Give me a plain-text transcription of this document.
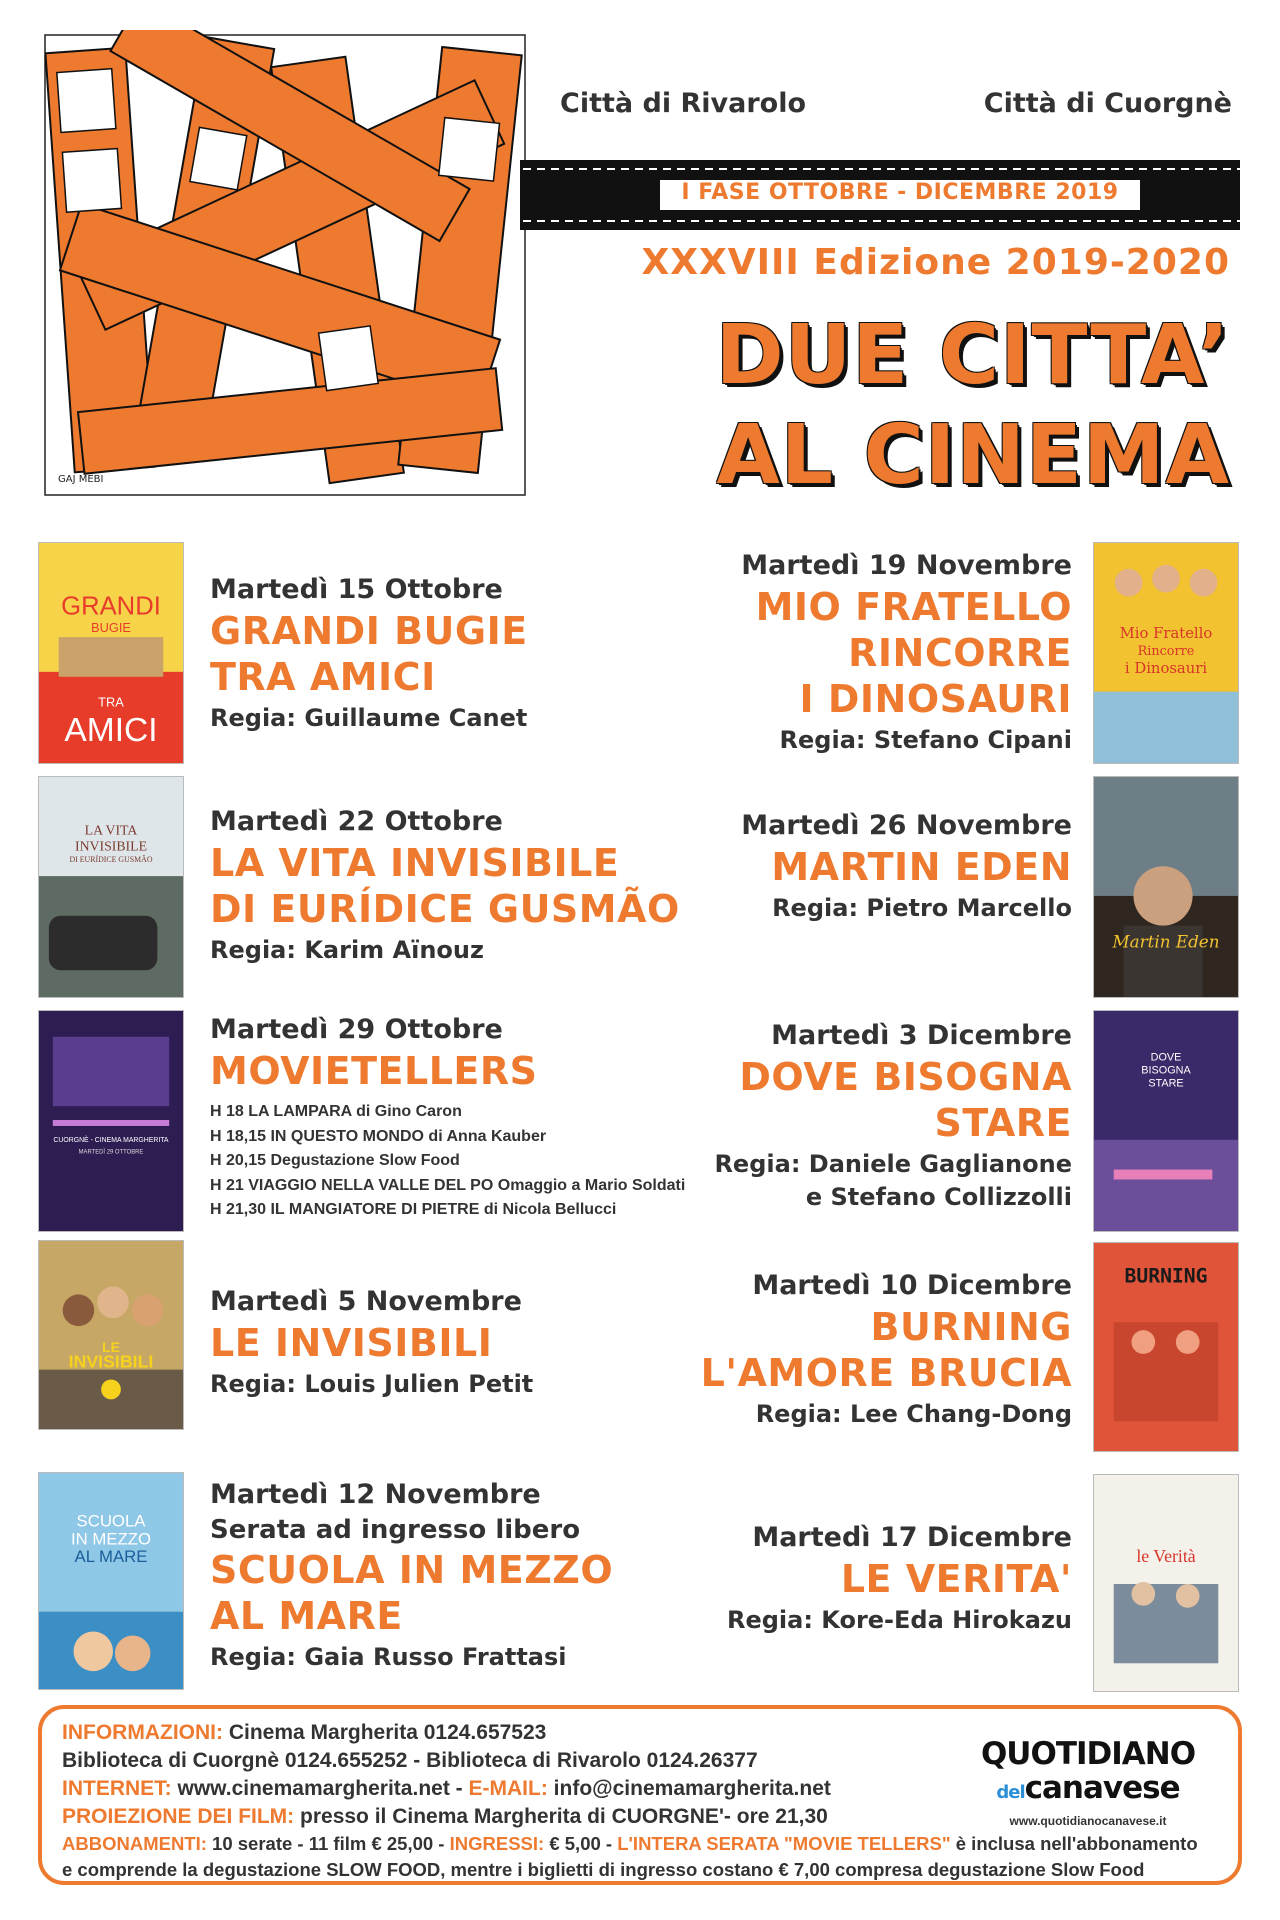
GAJ MEBI
Città di Rivarolo	Città di Cuorgnè
I FASE OTTOBRE - DICEMBRE 2019
XXXVIII Edizione 2019-2020
DUE CITTA’
AL CINEMA
GRANDI
BUGIE
TRA
AMICI
Martedì 15 Ottobre
GRANDI BUGIE
TRA AMICI
Regia: Guillaume Canet
LA VITA
INVISIBILE
DI EURÍDICE GUSMÃO
Martedì 22 Ottobre
LA VITA INVISIBILE
DI EURÍDICE GUSMÃO
Regia: Karim Aïnouz
CUORGNÈ - CINEMA MARGHERITA
MARTEDÌ 29 OTTOBRE
Martedì 29 Ottobre
MOVIETELLERS
H 18 LA LAMPARA di Gino Caron
H 18,15 IN QUESTO MONDO di Anna Kauber
H 20,15 Degustazione Slow Food
H 21 VIAGGIO NELLA VALLE DEL PO Omaggio a Mario Soldati
H 21,30 IL MANGIATORE DI PIETRE di Nicola Bellucci
LE
INVISIBILI
Martedì 5 Novembre
LE INVISIBILI
Regia: Louis Julien Petit
SCUOLA
IN MEZZO
AL MARE
Martedì 12 Novembre
Serata ad ingresso libero
SCUOLA IN MEZZO
AL MARE
Regia: Gaia Russo Frattasi
Mio Fratello
Rincorre
i Dinosauri
Martedì 19 Novembre
MIO FRATELLO
RINCORRE
I DINOSAURI
Regia: Stefano Cipani
Martin Eden
Martedì 26 Novembre
MARTIN EDEN
Regia: Pietro Marcello
DOVE
BISOGNA
STARE
Martedì 3 Dicembre
DOVE BISOGNA
STARE
Regia: Daniele Gaglianone
e Stefano Collizzolli
BURNING
Martedì 10 Dicembre
BURNING
L'AMORE BRUCIA
Regia: Lee Chang-Dong
le Verità
Martedì 17 Dicembre
LE VERITA'
Regia: Kore-Eda Hirokazu
INFORMAZIONI: Cinema Margherita 0124.657523
Biblioteca di Cuorgnè 0124.655252 - Biblioteca di Rivarolo 0124.26377
INTERNET: www.cinemamargherita.net - E-MAIL: info@cinemamargherita.net
PROIEZIONE DEI FILM: presso il Cinema Margherita di CUORGNE'- ore 21,30
ABBONAMENTI: 10 serate - 11 film € 25,00 - INGRESSI: € 5,00 - L'INTERA SERATA "MOVIE TELLERS" è inclusa nell'abbonamento
e comprende la degustazione SLOW FOOD, mentre i biglietti di ingresso costano € 7,00 compresa degustazione Slow Food
QUOTIDIANO
delcanavese
www.quotidianocanavese.it
